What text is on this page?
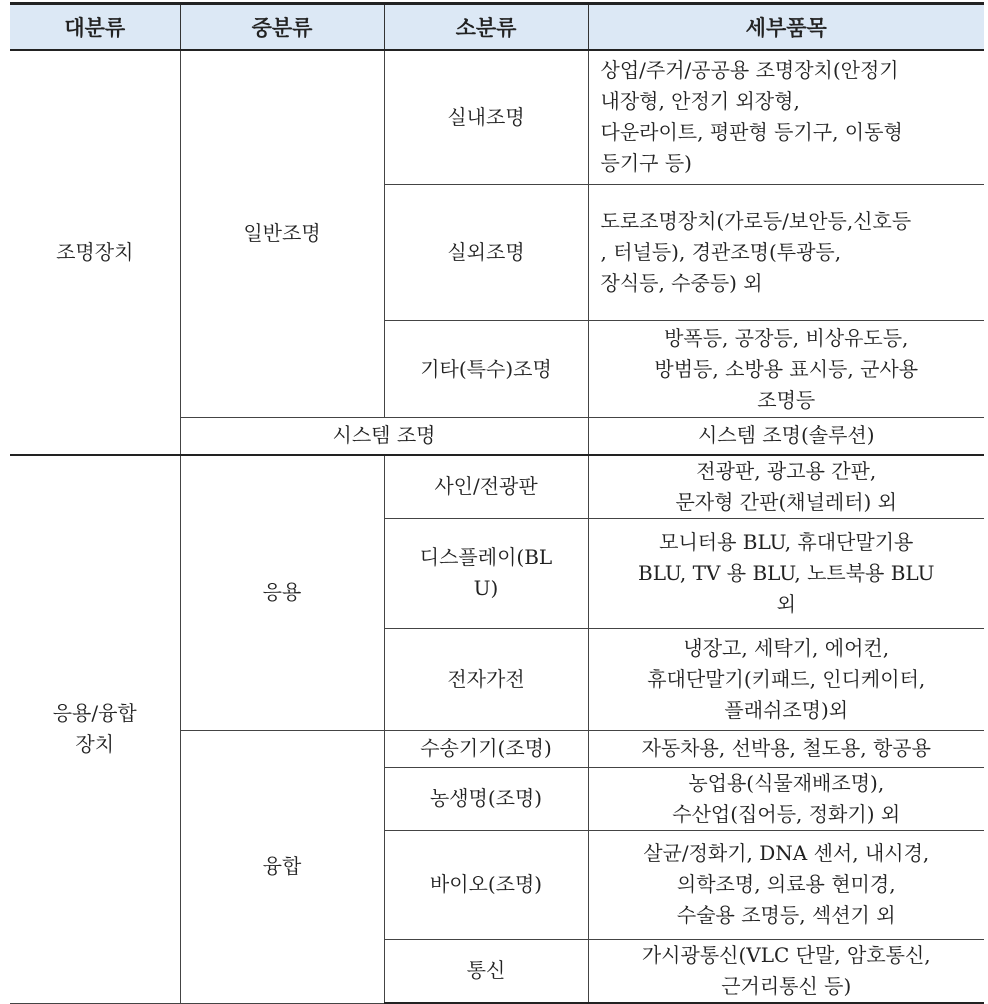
대분류	중분류	소분류	세부품목
조명장치	일반조명	실내조명	상업/주거/공공용 조명장치(안정기
내장형, 안정기 외장형,
다운라이트, 평판형 등기구, 이동형
등기구 등)

		실외조명	도로조명장치(가로등/보안등,신호등
, 터널등), 경관조명(투광등,
장식등, 수중등) 외

		기타(특수)조명	방폭등, 공장등, 비상유도등,
방범등, 소방용 표시등, 군사용
조명등

	시스템 조명		시스템 조명(솔루션)

응용/융합
장치	응용	사인/전광판	전광판, 광고용 간판,
문자형 간판(채널레터) 외

		디스플레이(BL
U)	모니터용 BLU, 휴대단말기용
BLU, TV 용 BLU, 노트북용 BLU
외

		전자가전	냉장고, 세탁기, 에어컨,
휴대단말기(키패드, 인디케이터,
플래쉬조명)외

	융합	수송기기(조명)	자동차용, 선박용, 철도용, 항공용

		농생명(조명)	농업용(식물재배조명),
수산업(집어등, 정화기) 외

		바이오(조명)	살균/정화기, DNA 센서, 내시경,
의학조명, 의료용 현미경,
수술용 조명등, 섹션기 외

		통신	가시광통신(VLC 단말, 암호통신,
근거리통신 등)
